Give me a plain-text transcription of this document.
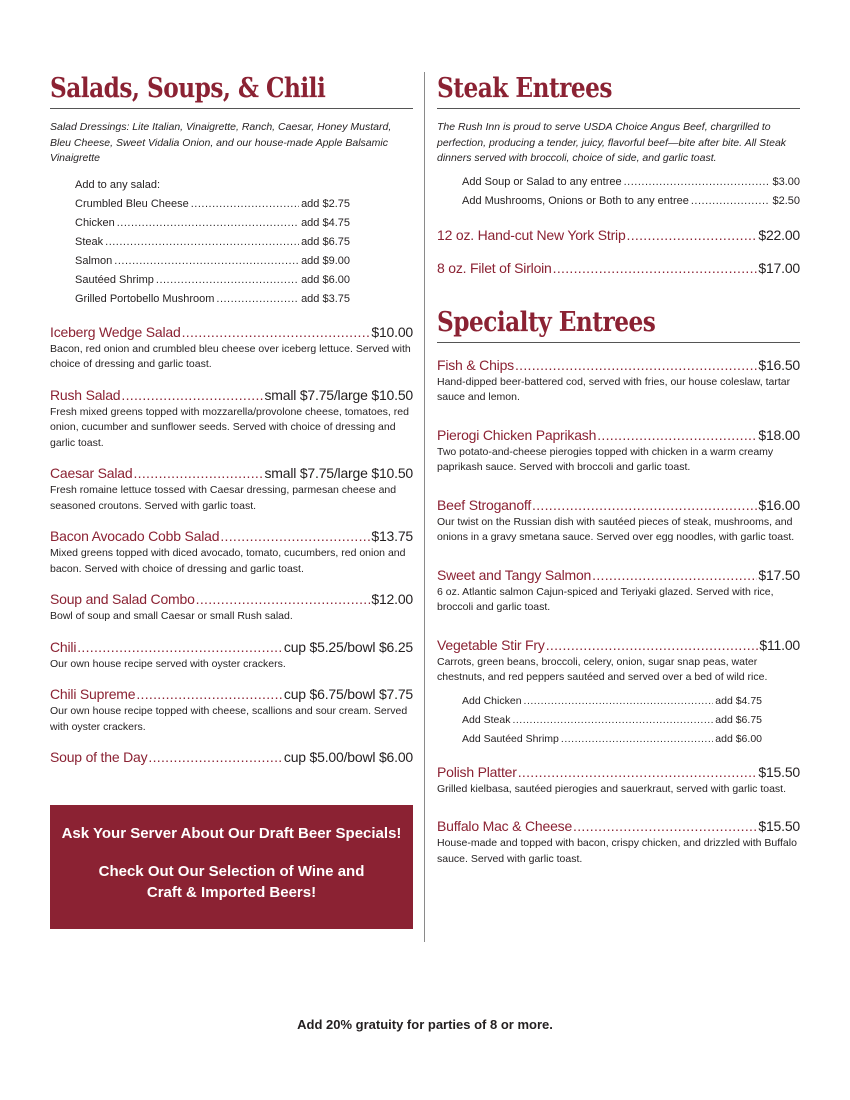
Salads, Soups, & Chili
Salad Dressings: Lite Italian, Vinaigrette, Ranch, Caesar, Honey Mustard, Bleu Cheese, Sweet Vidalia Onion, and our house-made Apple Balsamic Vinaigrette
Add to any salad:
Crumbled Bleu Cheese .....	add $2.75
Chicken .....	add $4.75
Steak .....	add $6.75
Salmon .....	add $9.00
Sautéed Shrimp .....	add $6.00
Grilled Portobello Mushroom .....	add $3.75
Iceberg Wedge Salad .....	$10.00
Bacon, red onion and crumbled bleu cheese over iceberg lettuce. Served with choice of dressing and garlic toast.
Rush Salad .....	small $7.75/large $10.50
Fresh mixed greens topped with mozzarella/provolone cheese, tomatoes, red onion, cucumber and sunflower seeds. Served with choice of dressing and garlic toast.
Caesar Salad .....	small $7.75/large $10.50
Fresh romaine lettuce tossed with Caesar dressing, parmesan cheese and seasoned croutons. Served with garlic toast.
Bacon Avocado Cobb Salad .....	$13.75
Mixed greens topped with diced avocado, tomato, cucumbers, red onion and bacon. Served with choice of dressing and garlic toast.
Soup and Salad Combo .....	$12.00
Bowl of soup and small Caesar or small Rush salad.
Chili .....	cup $5.25/bowl $6.25
Our own house recipe served with oyster crackers.
Chili Supreme .....	cup $6.75/bowl $7.75
Our own house recipe topped with cheese, scallions and sour cream. Served with oyster crackers.
Soup of the Day .....	cup $5.00/bowl $6.00

Ask Your Server About Our Draft Beer Specials!

Check Out Our Selection of Wine and

Craft & Imported Beers!

Steak Entrees
The Rush Inn is proud to serve USDA Choice Angus Beef, chargrilled to perfection, producing a tender, juicy, flavorful beef—bite after bite. All Steak dinners served with broccoli, choice of side, and garlic toast.
Add Soup or Salad to any entree .....	$3.00
Add Mushrooms, Onions or Both to any entree .....	$2.50
12 oz. Hand-cut New York Strip .....	$22.00
8 oz. Filet of Sirloin .....	$17.00
Specialty Entrees
Fish & Chips .....	$16.50
Hand-dipped beer-battered cod, served with fries, our house coleslaw, tartar sauce and lemon.
Pierogi Chicken Paprikash .....	$18.00
Two potato-and-cheese pierogies topped with chicken in a warm creamy paprikash sauce. Served with broccoli and garlic toast.
Beef Stroganoff .....	$16.00
Our twist on the Russian dish with sautéed pieces of steak, mushrooms, and onions in a gravy smetana sauce. Served over egg noodles, with garlic toast.
Sweet and Tangy Salmon .....	$17.50
6 oz. Atlantic salmon Cajun-spiced and Teriyaki glazed. Served with rice, broccoli and garlic toast.
Vegetable Stir Fry .....	$11.00
Carrots, green beans, broccoli, celery, onion, sugar snap peas, water chestnuts, and red peppers sautéed and served over a bed of wild rice.
Add Chicken .....	add $4.75
Add Steak .....	add $6.75
Add Sautéed Shrimp .....	add $6.00
Polish Platter .....	$15.50
Grilled kielbasa, sautéed pierogies and sauerkraut, served with garlic toast.
Buffalo Mac & Cheese .....	$15.50
House-made and topped with bacon, crispy chicken, and drizzled with Buffalo sauce. Served with garlic toast.
Add 20% gratuity for parties of 8 or more.
